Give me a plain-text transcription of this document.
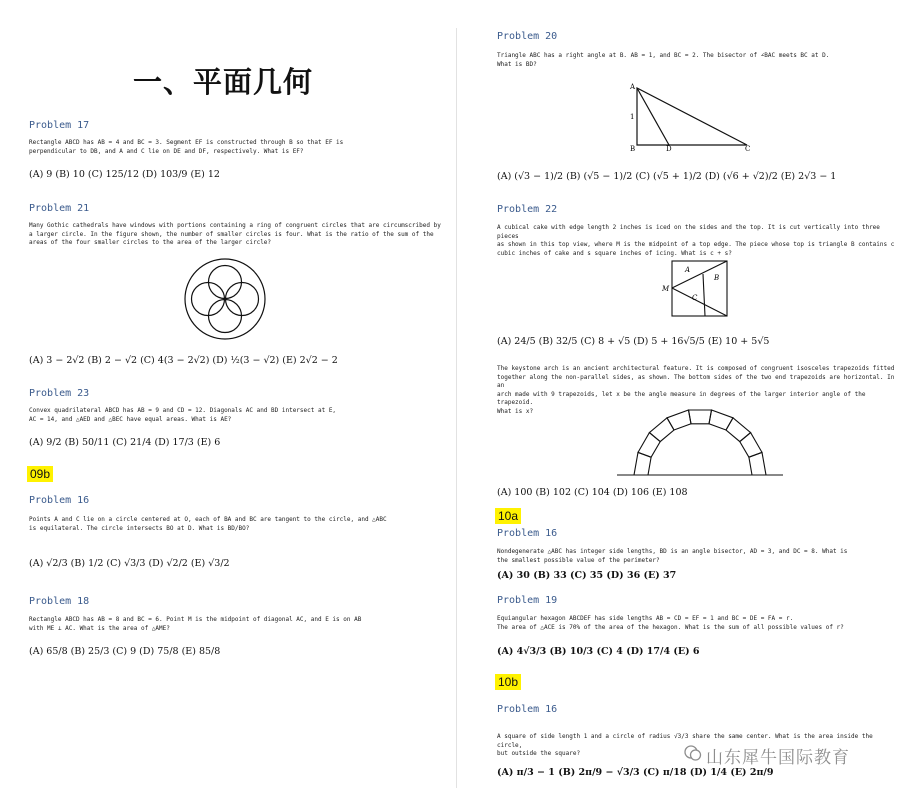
一、平面几何
Problem 17
Rectangle ABCD has AB = 4 and BC = 3. Segment EF is constructed through B so that EF is
perpendicular to DB, and A and C lie on DE and DF, respectively. What is EF?
(A) 9 (B) 10 (C) 125/12 (D) 103/9 (E) 12
Problem 21
Many Gothic cathedrals have windows with portions containing a ring of congruent circles that are circumscribed by
a larger circle. In the figure shown, the number of smaller circles is four. What is the ratio of the sum of the
areas of the four smaller circles to the area of the larger circle?
(A) 3 − 2√2 (B) 2 − √2 (C) 4(3 − 2√2) (D) ½(3 − √2) (E) 2√2 − 2
Problem 23
Convex quadrilateral ABCD has AB = 9 and CD = 12. Diagonals AC and BD intersect at E,
AC = 14, and △AED and △BEC have equal areas. What is AE?
(A) 9/2 (B) 50/11 (C) 21/4 (D) 17/3 (E) 6
09b
Problem 16
Points A and C lie on a circle centered at O, each of BA and BC are tangent to the circle, and △ABC
is equilateral. The circle intersects BO at D. What is BD/BO?
(A) √2/3 (B) 1/2 (C) √3/3 (D) √2/2 (E) √3/2
Problem 18
Rectangle ABCD has AB = 8 and BC = 6. Point M is the midpoint of diagonal AC, and E is on AB
with ME ⊥ AC. What is the area of △AME?
(A) 65/8 (B) 25/3 (C) 9 (D) 75/8 (E) 85/8
Problem 20
Triangle ABC has a right angle at B. AB = 1, and BC = 2. The bisector of ∠BAC meets BC at D.
What is BD?
A
1
B	D	C
(A) (√3 − 1)/2 (B) (√5 − 1)/2 (C) (√5 + 1)/2 (D) (√6 + √2)/2 (E) 2√3 − 1
Problem 22
A cubical cake with edge length 2 inches is iced on the sides and the top. It is cut vertically into three pieces
as shown in this top view, where M is the midpoint of a top edge. The piece whose top is triangle B contains c
cubic inches of cake and s square inches of icing. What is c + s?
A
B
C
M
(A) 24/5 (B) 32/5 (C) 8 + √5 (D) 5 + 16√5/5 (E) 10 + 5√5
The keystone arch is an ancient architectural feature. It is composed of congruent isosceles trapezoids fitted
together along the non-parallel sides, as shown. The bottom sides of the two end trapezoids are horizontal. In an
arch made with 9 trapezoids, let x be the angle measure in degrees of the larger interior angle of the trapezoid.
What is x?
(A) 100 (B) 102 (C) 104 (D) 106 (E) 108
10a
Problem 16
Nondegenerate △ABC has integer side lengths, BD is an angle bisector, AD = 3, and DC = 8. What is
the smallest possible value of the perimeter?
(A) 30 (B) 33 (C) 35 (D) 36 (E) 37
Problem 19
Equiangular hexagon ABCDEF has side lengths AB = CD = EF = 1 and BC = DE = FA = r.
The area of △ACE is 70% of the area of the hexagon. What is the sum of all possible values of r?
(A) 4√3/3 (B) 10/3 (C) 4 (D) 17/4 (E) 6
10b
Problem 16
A square of side length 1 and a circle of radius √3/3 share the same center. What is the area inside the circle,
but outside the square?
(A) π/3 − 1 (B) 2π/9 − √3/3 (C) π/18 (D) 1/4 (E) 2π/9
山东犀牛国际教育
